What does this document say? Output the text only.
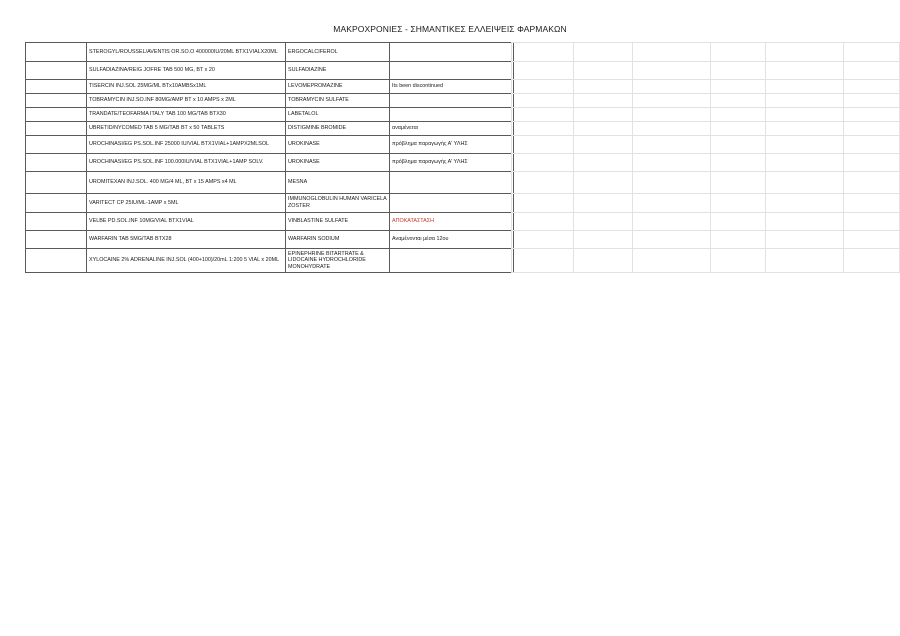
ΜΑΚΡΟΧΡΟΝΙΕΣ - ΣΗΜΑΝΤΙΚΕΣ ΕΛΛΕΙΨΕΙΣ ΦΑΡΜΑΚΩΝ
	STEROGYL/ROUSSEL/AVENTIS OR.SO.O 400000IU/20ML BTX1VIALX20ML	ERGOCALCIFEROL	
	SULFADIAZINA/REIG JOFRE TAB 500 MG, BT x 20	SULFADIAZINE	
	TISERCIN INJ.SOL 25MG/ML BTx10AMBSx1ML	LEVOMEPROMAZINE	Its been discontinued
	TOBRAMYCIN INJ.SO.INF 80MG/AMP BT x 10 AMPS x 2ML	TOBRAMYCIN SULFATE	
	TRANDATE/TEOFARMA ITALY TAB 100 MG/TAB BTX30	LABETALOL	
	UBRETID/NYCOMED TAB 5 MG/TAB BT x 50 TABLETS	DISTIGMINE BROMIDE	αναμένεται
	UROCHINASI/EG PS.SOL.INF 25000 IU/VIAL BTX1VIAL+1AMPX2MLSOL	UROKINASE	πρόβλημα παραγωγής Α' ΥΛΗΣ
	UROCHINASI/EG PS.SOL.INF 100.000IU/VIAL BTX1VIAL+1AMP SOLV.	UROKINASE	πρόβλημα παραγωγής Α' ΥΛΗΣ
	UROMITEXAN INJ.SOL. 400 MG/4 ML, BT x 15 AMPS x4 ML	MESNA	
	VARITECT CP 25IU/ML-1AMP x 5ML	IMMUNOGLOBULIN HUMAN VARICELA ZOSTER	
	VELBE PD.SOL.INF 10MG/VIAL BTX1VIAL	VINBLASTINE SULFATE	ΑΠΟΚΑΤΑΣΤΑΣΗ
	WARFARIN TAB 5MG/TAB BTX28	WARFARIN SODIUM	Αναμένονται μέσα 12ου
	XYLOCAINE 2% ADRENALINE INJ.SOL (400+100)/20mL 1:200 5 VIAL x 20ML	EPINEPHRINE BITARTRATE & LIDOCAINE HYDROCHLORIDE MONOHYDRATE	
